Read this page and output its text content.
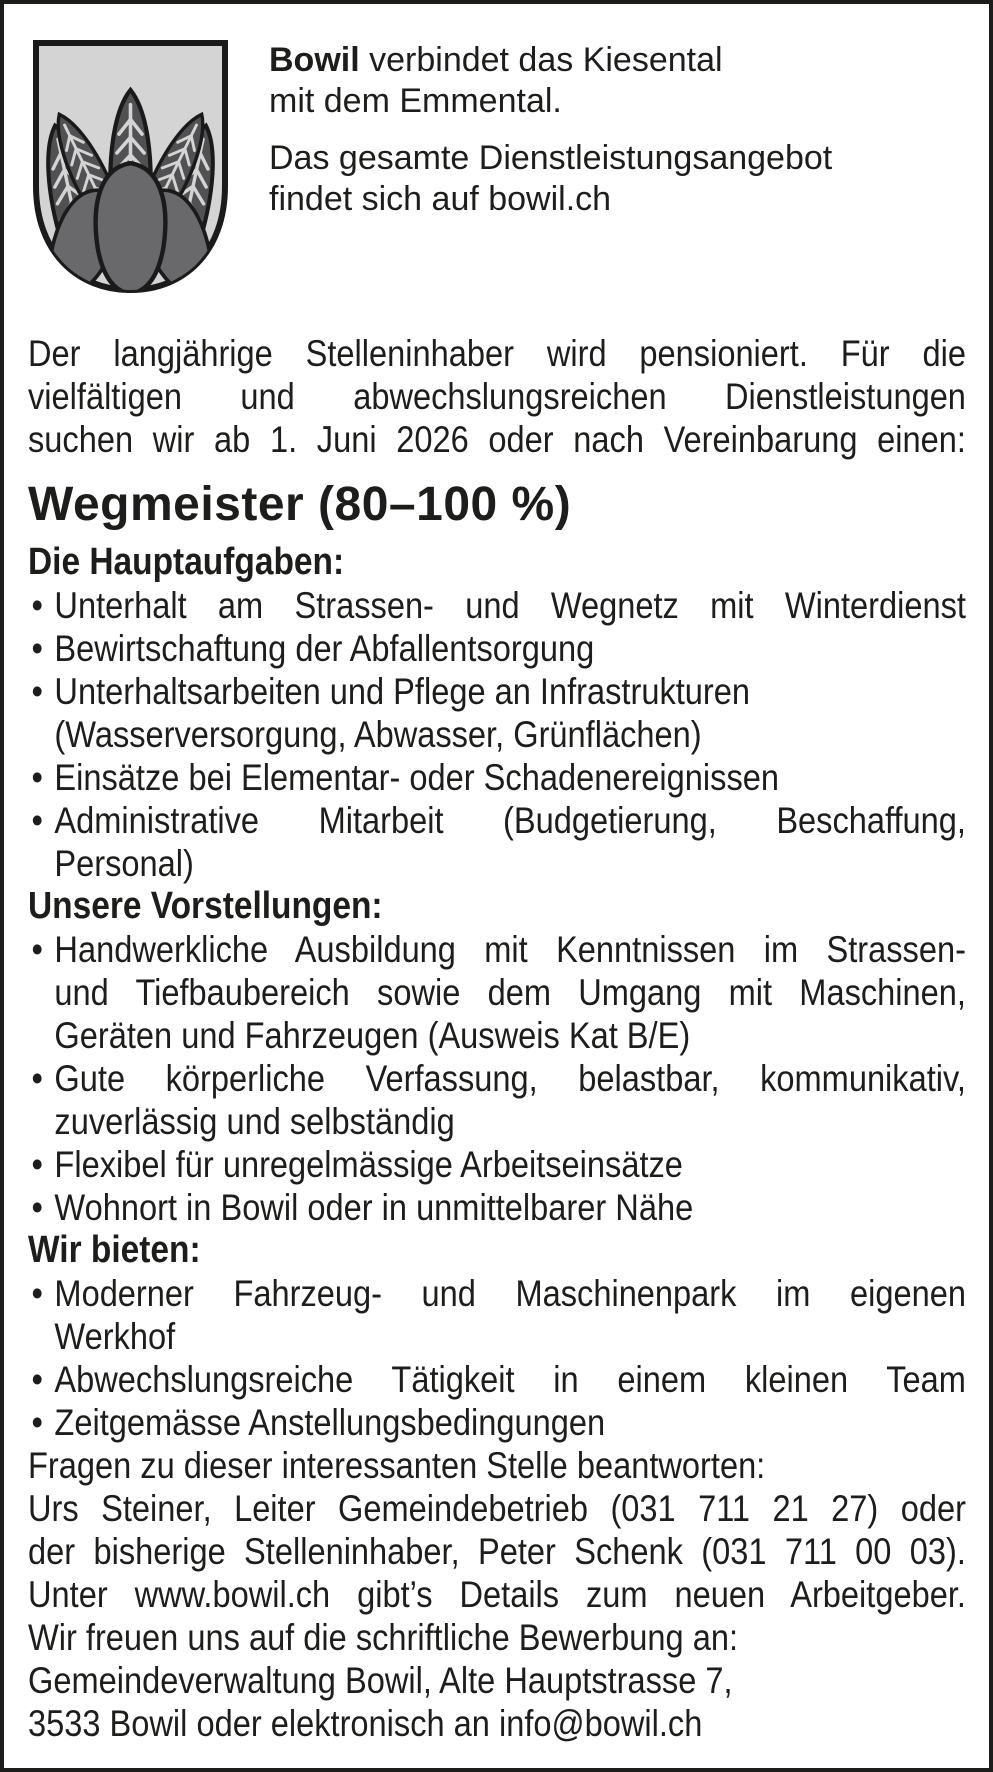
Bowil verbindet das Kiesental
mit dem Emmental.
Das gesamte Dienstleistungsangebot
findet sich auf bowil.ch
Der langjährige Stelleninhaber wird pensioniert. Für die
vielfältigen und abwechslungsreichen Dienstleistungen
suchen wir ab 1. Juni 2026 oder nach Vereinbarung einen:
Wegmeister (80–100 %)
Die Hauptaufgaben:
• Unterhalt am Strassen- und Wegnetz mit Winterdienst
• Bewirtschaftung der Abfallentsorgung
• Unterhaltsarbeiten und Pflege an Infrastrukturen
(Wasserversorgung, Abwasser, Grünflächen)
• Einsätze bei Elementar- oder Schadenereignissen
• Administrative Mitarbeit (Budgetierung, Beschaffung,
Personal)
Unsere Vorstellungen:
• Handwerkliche Ausbildung mit Kenntnissen im Strassen-
und Tiefbaubereich sowie dem Umgang mit Maschinen,
Geräten und Fahrzeugen (Ausweis Kat B/E)
• Gute körperliche Verfassung, belastbar, kommunikativ,
zuverlässig und selbständig
• Flexibel für unregelmässige Arbeitseinsätze
• Wohnort in Bowil oder in unmittelbarer Nähe
Wir bieten:
• Moderner Fahrzeug- und Maschinenpark im eigenen
Werkhof
• Abwechslungsreiche Tätigkeit in einem kleinen Team
• Zeitgemässe Anstellungsbedingungen
Fragen zu dieser interessanten Stelle beantworten:
Urs Steiner, Leiter Gemeindebetrieb (031 711 21 27) oder
der bisherige Stelleninhaber, Peter Schenk (031 711 00 03).
Unter www.bowil.ch gibt’s Details zum neuen Arbeitgeber.
Wir freuen uns auf die schriftliche Bewerbung an:
Gemeindeverwaltung Bowil, Alte Hauptstrasse 7,
3533 Bowil oder elektronisch an info@bowil.ch
